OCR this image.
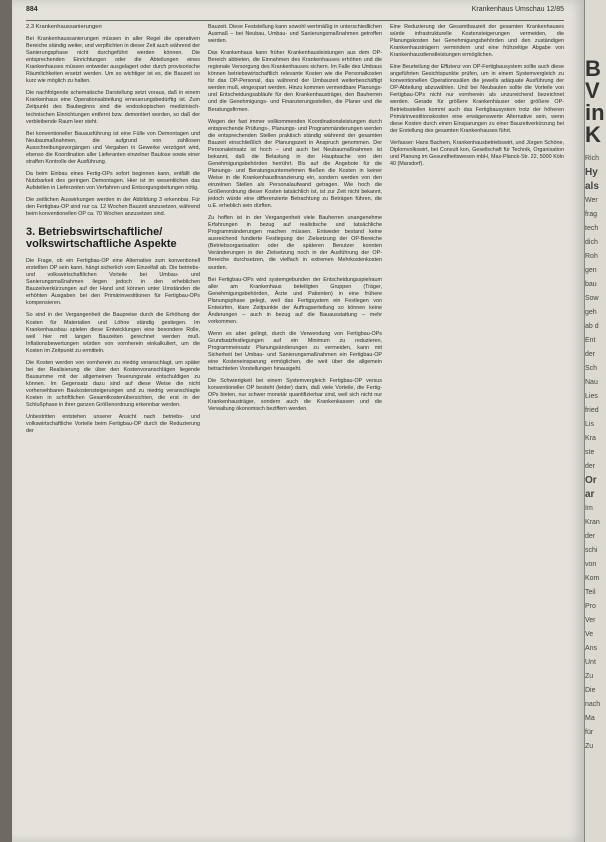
884	Krankenhaus Umschau 12/85

2.3 Krankenhaussanierungen

Bei Krankenhaussanierungen müssen in aller Regel die operativen Bereiche ständig weiter, und verpflichten in dieser Zeit auch während der Sanierungsphase nicht durchgeführt werden können. Die entsprechenden Einrichtungen oder die Abteilungen eines Krankenhauses müssen entweder ausgelagert oder durch provisorische Räumlichkeiten ersetzt werden. Um so wichtiger ist es, die Bauzeit so kurz wie möglich zu halten.

Die nachfolgende schematische Darstellung setzt voraus, daß in einem Krankenhaus eine Operationsabteilung erneuerungsbedürftig ist. Zum Zeitpunkt des Baubeginns sind die endoskopischen medizinisch-technischen Einrichtungen entfernt bzw. demontiert worden, so daß der verbleibende Raum leer steht.

Bei konventioneller Bauausführung ist eine Fülle von Demontagen und Neubaumaßnahmen, die aufgrund von zahllosen Ausschreibungsvorgängen und Vergaben in Gewerke verzögert wird, ebenso die Koordination aller Lieferanten einzelner Baulose sowie einer straffen Kontrolle der Ausführung.

Da beim Einbau eines Fertig-OPs sofort beginnen kann, entfällt die Nutzbarkeit des geringen Demontagen. Hier ist im wesentlichen das Aufstellen in Lieferzeiten von Verfahren und Entsorgungsleitungen nötig.

Die zeitlichen Auswirkungen werden in der Abbildung 3 erkennbar. Für den Fertigbau-OP sind nur ca. 12 Wochen Bauzeit anzusetzen, während beim konventionellen OP ca. 70 Wochen anzusetzen sind.

3. Betriebswirtschaftliche/ volkswirtschaftliche Aspekte

Die Frage, ob ein Fertigbau-OP eine Alternative zum konventionell erstellten OP sein kann, hängt sicherlich vom Einzelfall ab. Die betriebs- und volkswirtschaftlichen Vorteile bei Umbau- und Sanierungsmaßnahmen liegen jedoch in den erheblichen Bauzeitverkürzungen auf der Hand und können unter Umständen die erhöhten Ausgaben bei den Primärinvestitionen für Fertigbau-OPs kompensieren.

So sind in der Vergangenheit die Baupreise durch die Erhöhung der Kosten für Materialien und Löhne ständig gestiegen. Im Krankenhausbau spielen diese Entwicklungen eine besondere Rolle, weil hier mit langen Bauzeiten gerechnet werden muß. Inflationsbewertungen würden von vornherein einkalkuliert, um die Kosten im Zeitpunkt zu ermitteln.

Die Kosten werden von vornherein zu niedrig veranschlagt, um später bei der Realisierung die über den Kostenvoranschlägen liegende Bausumme mit der allgemeinen Teuerungsrate entschuldigen zu können. Im Gegensatz dazu sind auf diese Weise die nicht vorhersehbaren Baukostensteigerungen und zu niedrig veranschlagte Kosten in schriftlichen Gesamtkostenübersichten, die erst in der Schlußphase in ihrer ganzen Größenordnung erkennbar werden.

Unbestritten entstehen unserer Ansicht nach betriebs- und volkswirtschaftliche Vorteile beim Fertigbau-OP durch die Reduzierung der

Bauzeit. Diese Feststellung kann sowohl wertmäßig in unterschiedlichen Ausmaß – bei Neubau, Umbau- und Sanierungsmaßnahmen getroffen werden.

Das Krankenhaus kann früher Krankenhausleistungen aus dem OP-Bereich abbieten, die Einnahmen des Krankenhauses erhöhen und die regionale Versorgung des Krankenhauses sichern. Im Falle des Umbaus können betriebswirtschaftlich relevante Kosten wie die Personalkosten für das OP-Personal, das während der Umbauzeit weiterbeschäftigt werden muß, eingespart werden. Hinzu kommen vermeidbare Planungs- und Entscheidungsabläufe für den Krankenhausträger, den Bauherren und die Genehmigungs- und Finanzierungsstellen, die Planer und die Beratungsfirmen.

Wegen der fast immer vollkommenden Koordinationsleistungen durch entsprechende Prüfungs-, Planungs- und Programmänderungen werden die entsprechenden Stellen praktisch ständig während der gesamten Bauzeit einschließlich der Planungszeit in Anspruch genommen. Der Personaleinsatz ist hoch – und auch bei Neubaumaßnahmen ist bekannt, daß die Belastung in der Hauptsache von den Genehmigungsbehörden herrührt. Bis auf die Angebote für die Planungs- und Beratungsunternehmen fließen die Kosten in keiner Weise in die Krankenhausfinanzierung ein, sondern werden von den einzelnen Stellen als Personalaufwand getragen. Wie hoch die Größenordnung dieser Kosten tatsächlich ist, ist zur Zeit nicht bekannt, jedoch würde eine differenzierte Betrachtung zu Beträgen führen, die u.E. erheblich sein dürften.

Zu hoffen ist in der Vergangenheit viele Bauherren unangenehme Erfahrungen in bezug auf realistische und tatsächliche Programmänderungen machen müssen. Entweder bestand keine ausreichend fundierte Festlegung der Zielsetzung der OP-Bereiche (Betriebsorganisation oder die späteren Benutzer konnten Veränderungen in der Zielsetzung noch in der Ausführung der OP-Bereiche durchsetzen, die vielfach in extremen Mehrkostenkosten wurden.

Bei Fertigbau-OPs wird systemgebunden der Entscheidungsspielraum aller am Krankenhaus beteiligten Gruppen (Träger, Genehmigungsbehörden, Ärzte und Patienten) in eine frühere Planungsphase gelegt, weil das Fertigsystem ein Festlegen von Entwürfen, klare Zeitpunkte der Auftragserteilung so können keine Änderungen – auch in bezug auf die Bauausstattung – mehr vorkommen.

Wenn es aber gelingt, durch die Verwendung von Fertigbau-OPs Grundsatzfestlegungen auf ein Minimum zu reduzieren, Programmeinsatz Planungsänderungen zu vermeiden, kann mit Sicherheit bei Umbau- und Sanierungsmaßnahmen ein Fertigbau-OP eine Kosteneinsparung ermöglichen, die weit über die allgemein betrachteten Vorstellungen hinausgeht.

Die Schwierigkeit bei einem Systemvergleich Fertigbau-OP versus konventioneller OP besteht (leider) darin, daß viele Vorteile, die Fertig-OPs bieten, nur schwer monetär quantifizierbar sind, weil sich nicht nur Krankenhausträger, sondern auch die Krankenkassen und die Verwaltung ökonomisch beziffern werden.

Eine Reduzierung der Gesamtbauzeit der gesamten Krankenhauses würde infrastrukturelle Kostensteigerungen vermeiden, die Planungskosten bei Genehmigungsbehörden und den zuständigen Krankenhausträgern vermindern und eine frühzeitige Abgabe von Krankenhausdienstleistungen ermöglichen.

Eine Beurteilung der Effizienz von OP-Fertigbausystem sollte auch diese angeführten Gesichtspunkte prüfen, um in einem Systemvergleich zu konventionellen Operationssälen die jeweils adäquate Ausführung der OP-Abteilung abzuwählen. Und bei Neubauten sollte die Vorteile von Fertigbau-OPs nicht nur vornherein als unzureichend bezeichnet werden. Gerade für größere Krankenhäuser oder größere OP-Betriebsstellen kommt auch das Fertigbausystem trotz der höheren Primärinvestitionskosten eine erwägenswerte Alternative sein, wenn diese Kosten durch einen Einsparungen zu einer Bauzeitverkürzung bei der Erstellung des gesamten Krankenhauses führt.

Verfasser: Hans Bachem, Krankenhausbetriebswirt, und Jürgen Schöne, Diplomvolkswirt, bei Consult kon, Gesellschaft für Technik, Organisation und Planung im Gesundheitswesen mbH, Max-Planck-Str. 22, 5000 Köln 40 (Marsdorf).

B
V
in
K
Rich
Hy
als
Wer
frag
tech
dich
Roh
gen
bau
Sow
geh
ab d
Ent
der
Sch
Nau
Lies
fried
Lis
Kra
ste
der
Or
ar
Im
Kran
der
schi
von
Kom
Teil
Pro
Ver
Ve
Ans
Unt
Zu
Die
nach
Ma
für
Zu
